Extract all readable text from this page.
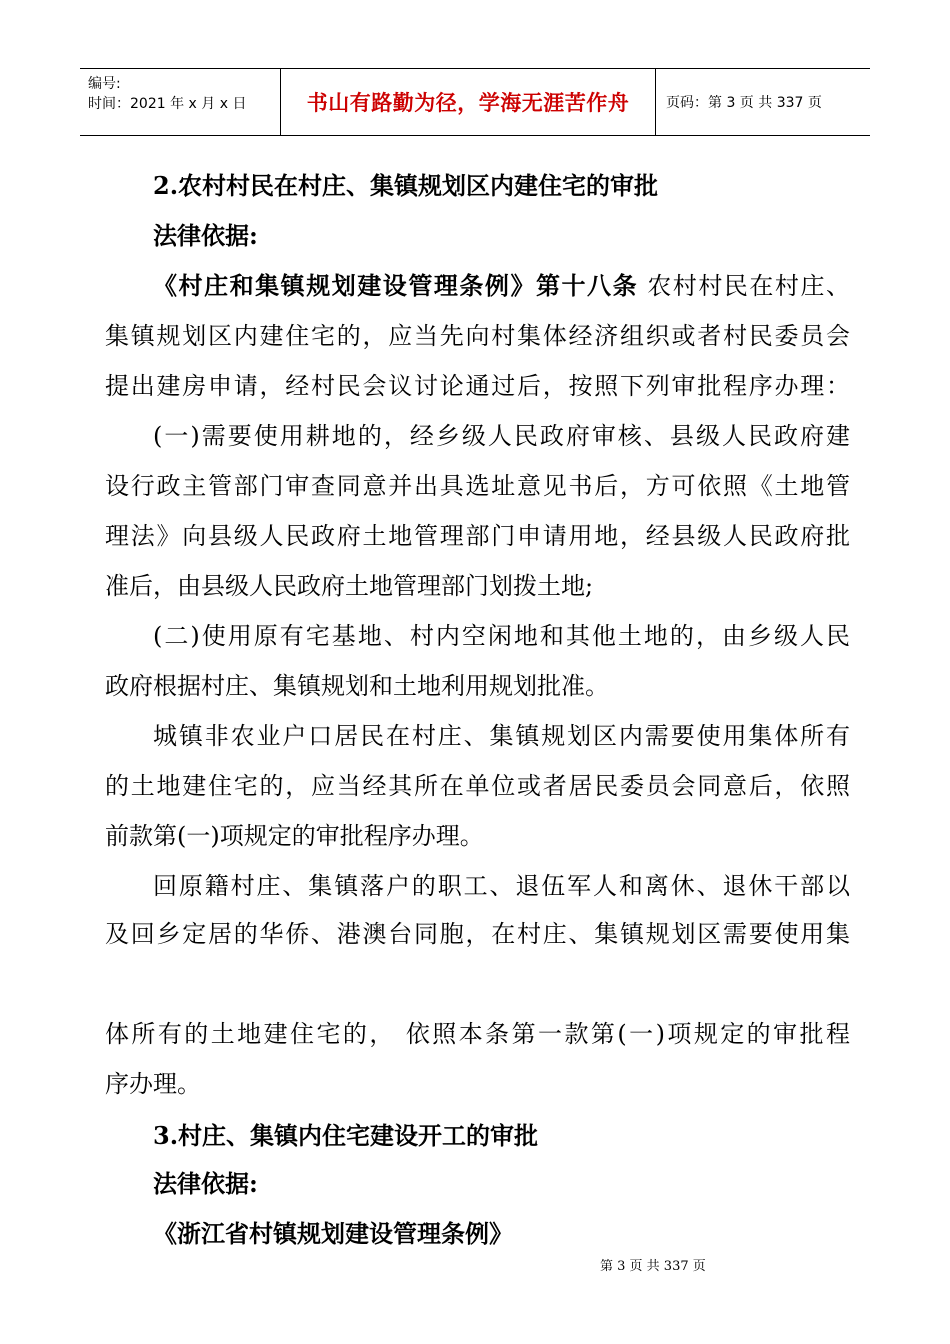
编号:
时间：2021 年 x 月 x 日	书山有路勤为径，学海无涯苦作舟	页码：第 3 页 共 337 页
2.农村村民在村庄、集镇规划区内建住宅的审批
法律依据:
《村庄和集镇规划建设管理条例》第十八条 农村村民在村庄、
集镇规划区内建住宅的，应当先向村集体经济组织或者村民委员会
提出建房申请，经村民会议讨论通过后，按照下列审批程序办理：
(一)需要使用耕地的，经乡级人民政府审核、县级人民政府建
设行政主管部门审查同意并出具选址意见书后，方可依照《土地管
理法》向县级人民政府土地管理部门申请用地，经县级人民政府批
准后，由县级人民政府土地管理部门划拨土地;
(二)使用原有宅基地、村内空闲地和其他土地的，由乡级人民
政府根据村庄、集镇规划和土地利用规划批准。
城镇非农业户口居民在村庄、集镇规划区内需要使用集体所有
的土地建住宅的，应当经其所在单位或者居民委员会同意后，依照
前款第(一)项规定的审批程序办理。
回原籍村庄、集镇落户的职工、退伍军人和离休、退休干部以
及回乡定居的华侨、港澳台同胞，在村庄、集镇规划区需要使用集
体所有的土地建住宅的， 依照本条第一款第(一)项规定的审批程
序办理。
3.村庄、集镇内住宅建设开工的审批
法律依据:
《浙江省村镇规划建设管理条例》
第 3 页 共 337 页
